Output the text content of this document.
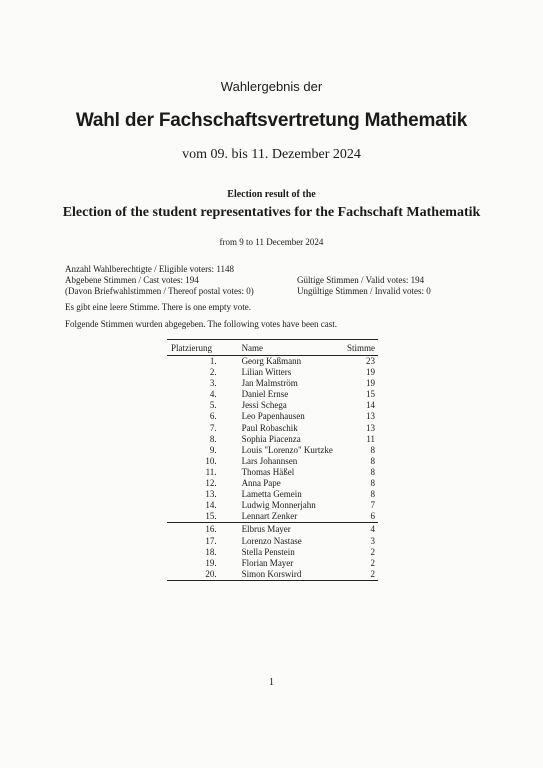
Wahlergebnis der
Wahl der Fachschaftsvertretung Mathematik
vom 09. bis 11. Dezember 2024
Election result of the
Election of the student representatives for the Fachschaft Mathematik
from 9 to 11 December 2024
Anzahl Wahlberechtigte / Eligible voters: 1148
Abgebene Stimmen / Cast votes: 194	Gültige Stimmen / Valid votes: 194
(Davon Briefwahlstimmen / Thereof postal votes: 0)	Ungültige Stimmen / Invalid votes: 0
Es gibt eine leere Stimme. There is one empty vote.
Folgende Stimmen wurden abgegeben. The following votes have been cast.
Platzierung	Name	Stimme
1.	Georg Kaßmann	23
2.	Lilian Witters	19
3.	Jan Malmström	19
4.	Daniel Ernse	15
5.	Jessi Schega	14
6.	Leo Papenhausen	13
7.	Paul Robaschik	13
8.	Sophia Piacenza	11
9.	Louis "Lorenzo" Kurtzke	8
10.	Lars Johannsen	8
11.	Thomas Häßel	8
12.	Anna Pape	8
13.	Lametta Gemein	8
14.	Ludwig Monnerjahn	7
15.	Lennart Zenker	6
16.	Elbrus Mayer	4
17.	Lorenzo Nastase	3
18.	Stella Penstein	2
19.	Florian Mayer	2
20.	Simon Korswird	2
1
